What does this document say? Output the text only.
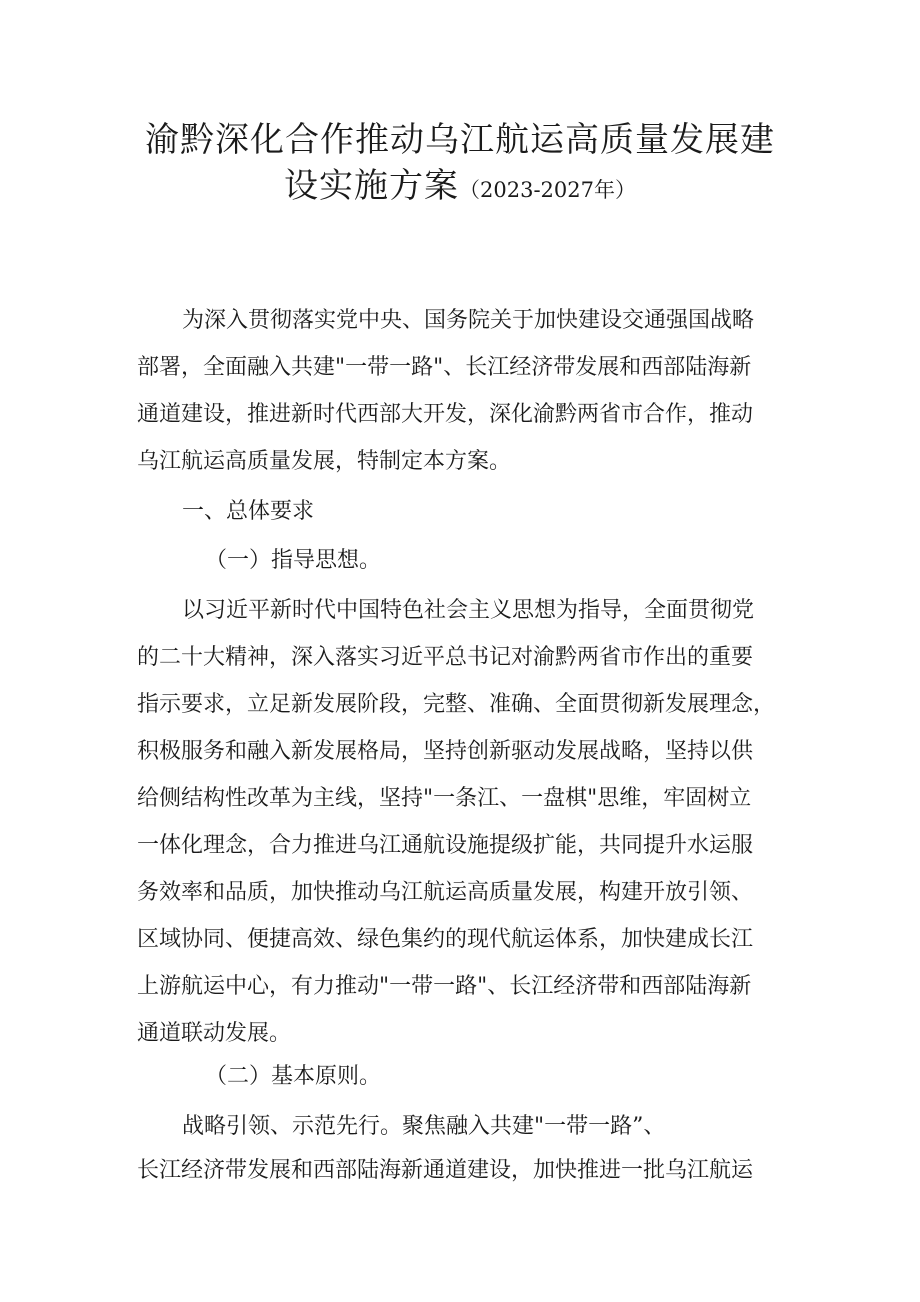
渝黔深化合作推动乌江航运高质量发展建
设实施方案（2023-2027年）
为深入贯彻落实党中央、国务院关于加快建设交通强国战略
部署，全面融入共建"一带一路"、长江经济带发展和西部陆海新
通道建设，推进新时代西部大开发，深化渝黔两省市合作，推动
乌江航运高质量发展，特制定本方案。
一、总体要求
（一）指导思想。
以习近平新时代中国特色社会主义思想为指导，全面贯彻党
的二十大精神，深入落实习近平总书记对渝黔两省市作出的重要
指示要求，立足新发展阶段，完整、准确、全面贯彻新发展理念，
积极服务和融入新发展格局，坚持创新驱动发展战略，坚持以供
给侧结构性改革为主线，坚持"一条江、一盘棋"思维，牢固树立
一体化理念，合力推进乌江通航设施提级扩能，共同提升水运服
务效率和品质，加快推动乌江航运高质量发展，构建开放引领、
区域协同、便捷高效、绿色集约的现代航运体系，加快建成长江
上游航运中心，有力推动"一带一路"、长江经济带和西部陆海新
通道联动发展。
（二）基本原则。
战略引领、示范先行。聚焦融入共建"一带一路”、
长江经济带发展和西部陆海新通道建设，加快推进一批乌江航运
